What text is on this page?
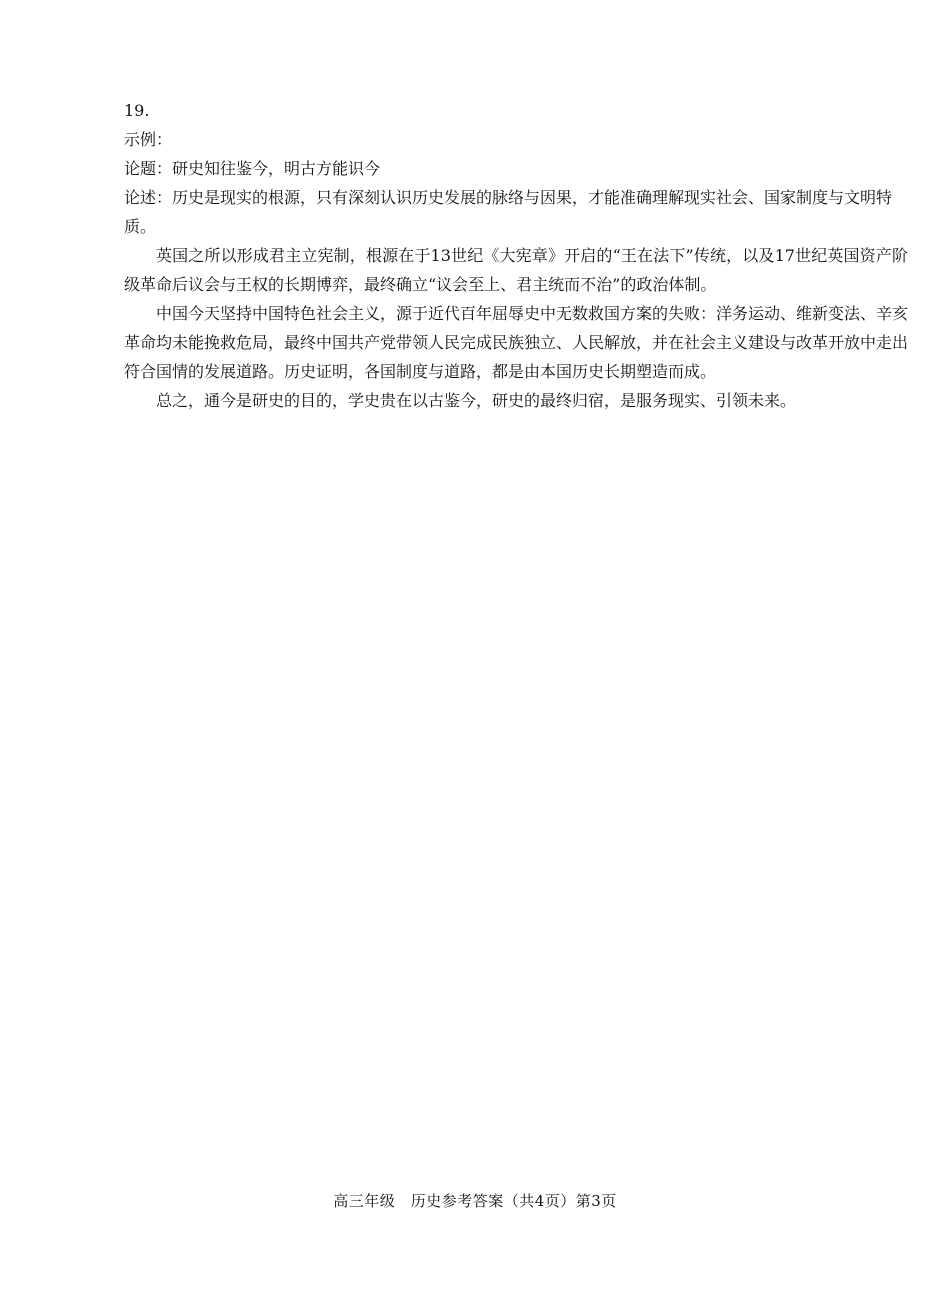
19.

示例：

论题：研史知往鉴今，明古方能识今

论述：历史是现实的根源，只有深刻认识历史发展的脉络与因果，才能准确理解现实社会、国家制度与文明特质。

英国之所以形成君主立宪制，根源在于13世纪《大宪章》开启的“王在法下”传统，以及17世纪英国资产阶级革命后议会与王权的长期博弈，最终确立“议会至上、君主统而不治”的政治体制。

中国今天坚持中国特色社会主义，源于近代百年屈辱史中无数救国方案的失败：洋务运动、维新变法、辛亥革命均未能挽救危局，最终中国共产党带领人民完成民族独立、人民解放，并在社会主义建设与改革开放中走出符合国情的发展道路。历史证明，各国制度与道路，都是由本国历史长期塑造而成。

总之，通今是研史的目的，学史贵在以古鉴今，研史的最终归宿，是服务现实、引领未来。

高三年级　历史参考答案（共4页）第3页
